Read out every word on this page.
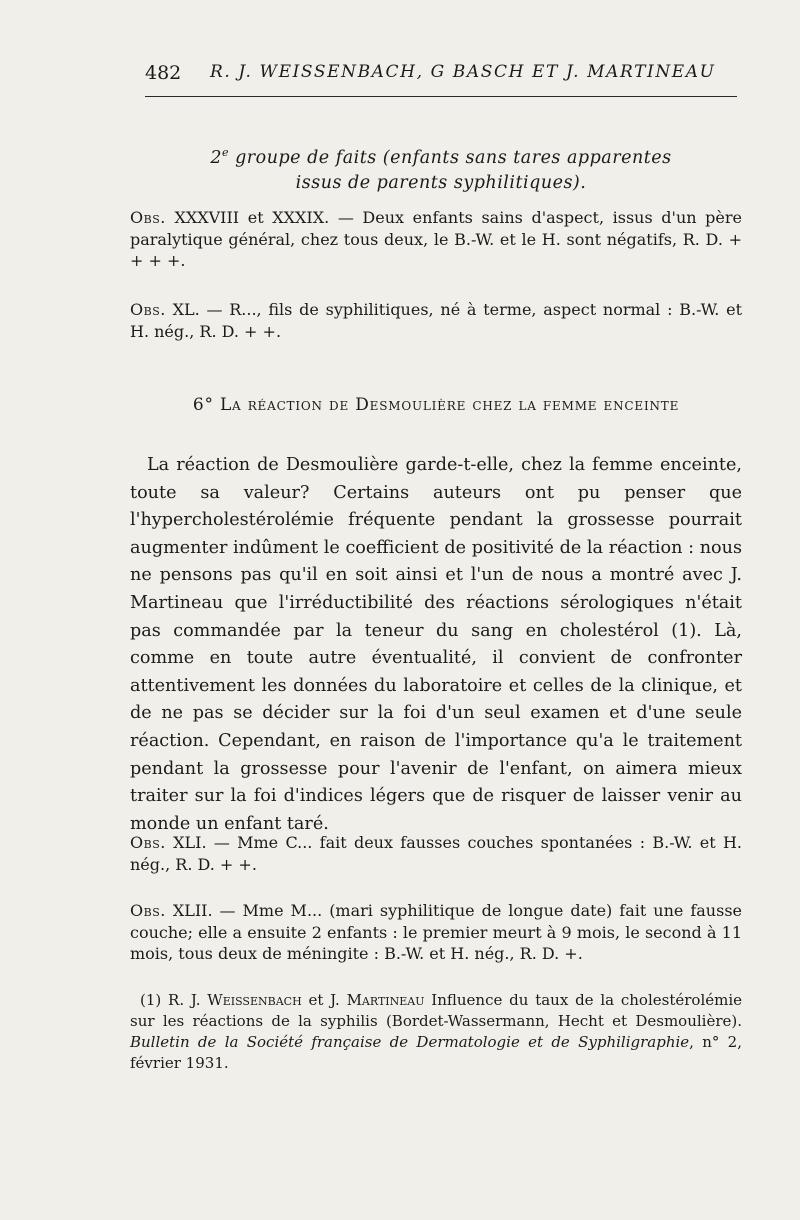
482 R. J. WEISSENBACH, G BASCH ET J. MARTINEAU
2e groupe de faits (enfants sans tares apparentes
issus de parents syphilitiques).
Obs. XXXVIII et XXXIX. — Deux enfants sains d'aspect, issus d'un père paralytique général, chez tous deux, le B.-W. et le H. sont négatifs, R. D. + + + +.
Obs. XL. — R..., fils de syphilitiques, né à terme, aspect normal : B.-W. et H. nég., R. D. + +.
6° La réaction de Desmoulière chez la femme enceinte

La réaction de Desmoulière garde-t-elle, chez la femme enceinte, toute sa valeur? Certains auteurs ont pu penser que l'hypercholestérolémie fréquente pendant la grossesse pourrait augmenter indûment le coefficient de positivité de la réaction : nous ne pensons pas qu'il en soit ainsi et l'un de nous a montré avec J. Martineau que l'irréductibilité des réactions sérologiques n'était pas commandée par la teneur du sang en cholestérol (1). Là, comme en toute autre éventualité, il convient de confronter attentivement les données du laboratoire et celles de la clinique, et de ne pas se décider sur la foi d'un seul examen et d'une seule réaction. Cependant, en raison de l'importance qu'a le traitement pendant la grossesse pour l'avenir de l'enfant, on aimera mieux traiter sur la foi d'indices légers que de risquer de laisser venir au monde un enfant taré.

Obs. XLI. — Mme C... fait deux fausses couches spontanées : B.-W. et H. nég., R. D. + +.
Obs. XLII. — Mme M... (mari syphilitique de longue date) fait une fausse couche; elle a ensuite 2 enfants : le premier meurt à 9 mois, le second à 11 mois, tous deux de méningite : B.-W. et H. nég., R. D. +.

(1) R. J. Weissenbach et J. Martineau Influence du taux de la cholestérolémie sur les réactions de la syphilis (Bordet-Wassermann, Hecht et Desmoulière). Bulletin de la Société française de Dermatologie et de Syphiligraphie, n° 2, février 1931.
